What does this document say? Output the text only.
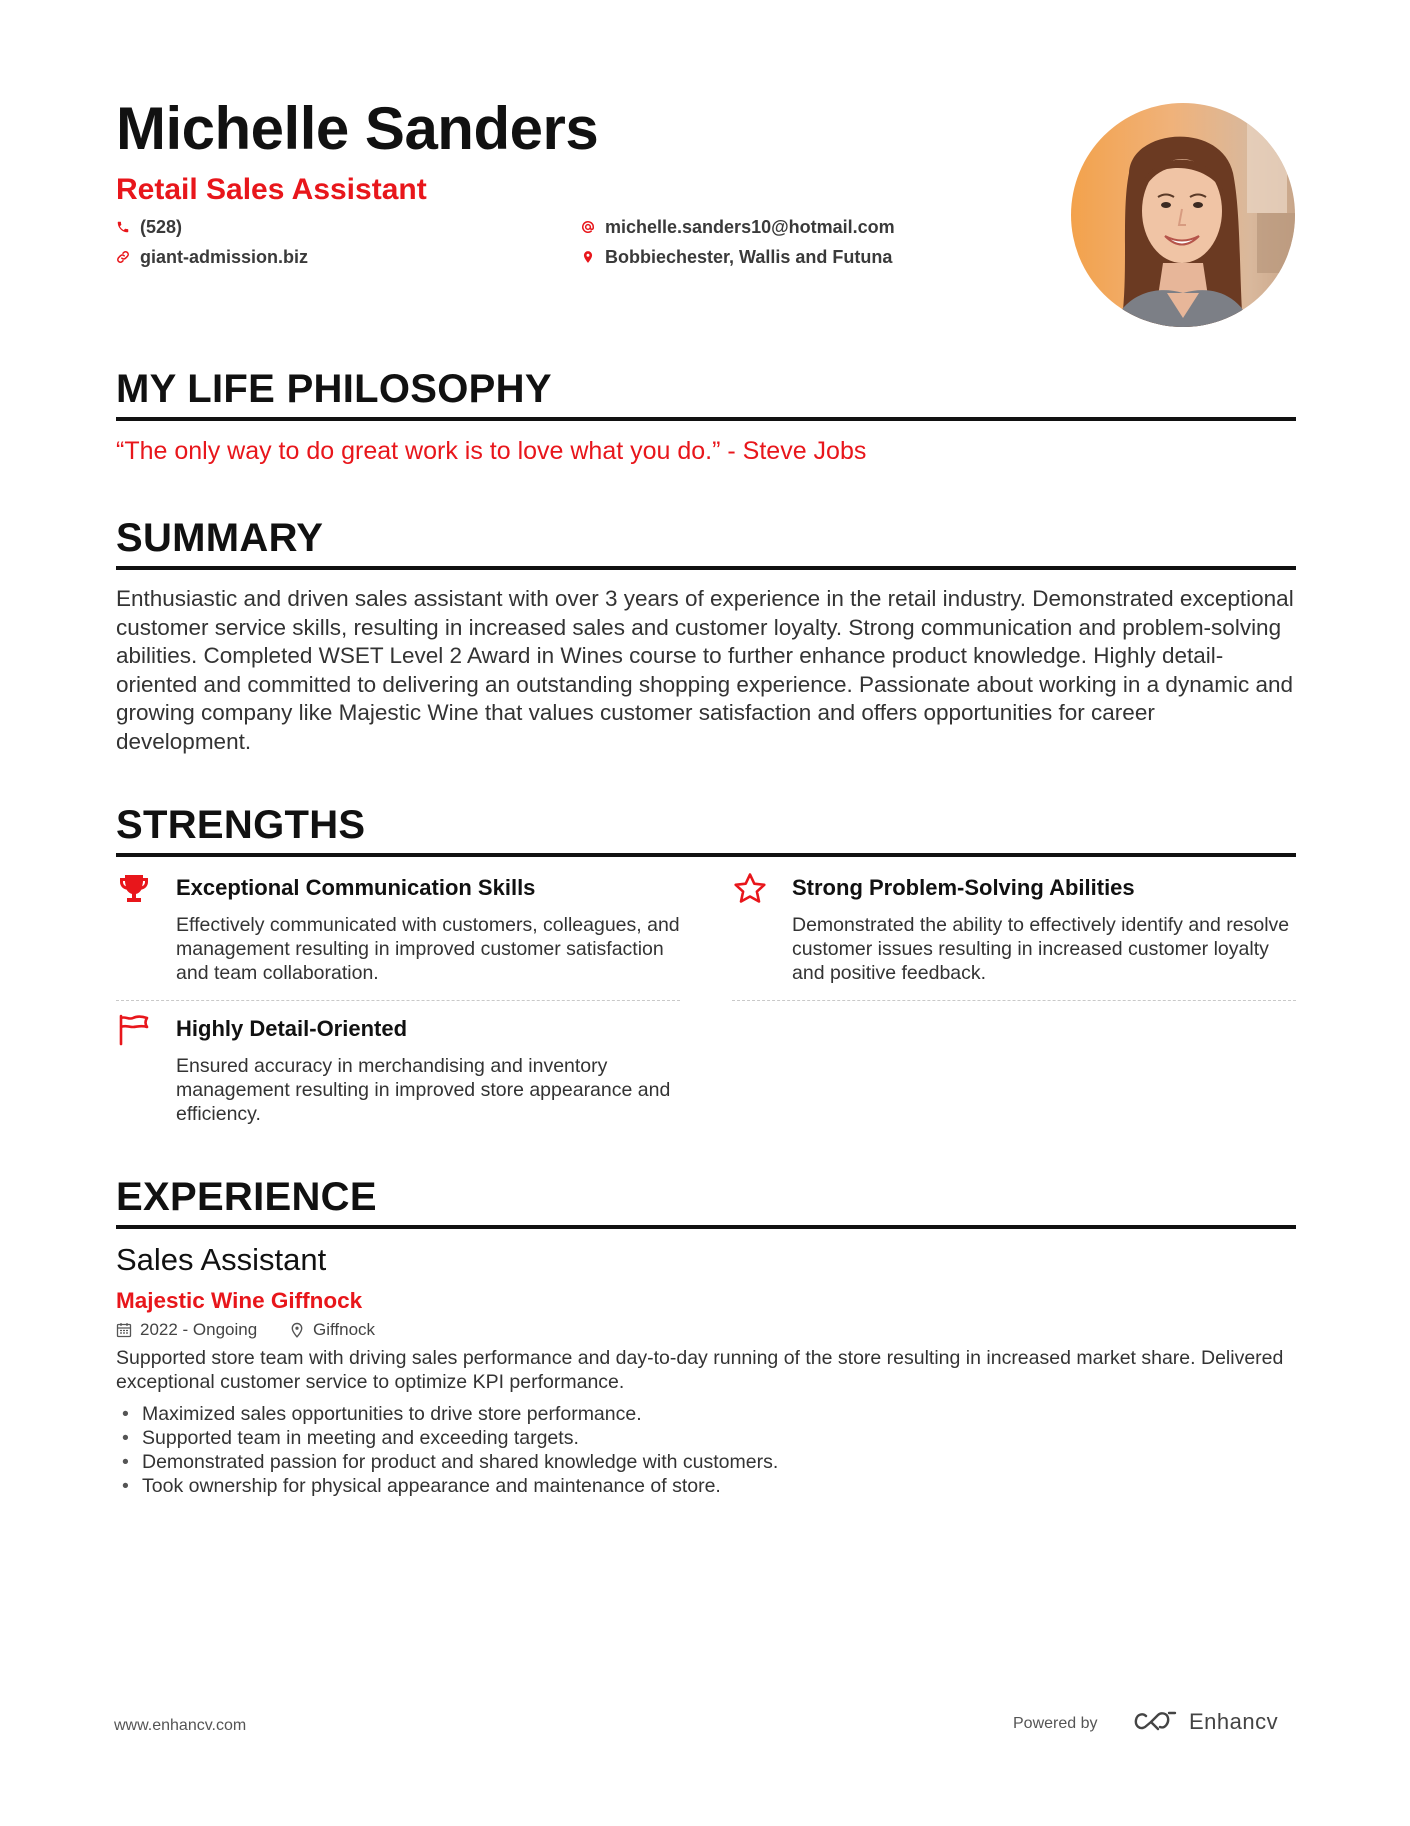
Michelle Sanders
Retail Sales Assistant
(528)
giant-admission.biz
michelle.sanders10@hotmail.com
Bobbiechester, Wallis and Futuna
MY LIFE PHILOSOPHY
“The only way to do great work is to love what you do.” - Steve Jobs
SUMMARY
Enthusiastic and driven sales assistant with over 3 years of experience in the retail industry. Demonstrated exceptional customer service skills, resulting in increased sales and customer loyalty. Strong communication and problem-solving abilities. Completed WSET Level 2 Award in Wines course to further enhance product knowledge. Highly detail-oriented and committed to delivering an outstanding shopping experience. Passionate about working in a dynamic and growing company like Majestic Wine that values customer satisfaction and offers opportunities for career development.
STRENGTHS
Exceptional Communication Skills
Effectively communicated with customers, colleagues, and management resulting in improved customer satisfaction and team collaboration.
Strong Problem-Solving Abilities
Demonstrated the ability to effectively identify and resolve customer issues resulting in increased customer loyalty and positive feedback.
Highly Detail-Oriented
Ensured accuracy in merchandising and inventory management resulting in improved store appearance and efficiency.
EXPERIENCE
Sales Assistant
Majestic Wine Giffnock
2022 - Ongoing	Giffnock
Supported store team with driving sales performance and day-to-day running of the store resulting in increased market share. Delivered exceptional customer service to optimize KPI performance.
• Maximized sales opportunities to drive store performance.
• Supported team in meeting and exceeding targets.
• Demonstrated passion for product and shared knowledge with customers.
• Took ownership for physical appearance and maintenance of store.
www.enhancv.com	Powered by	Enhancv
